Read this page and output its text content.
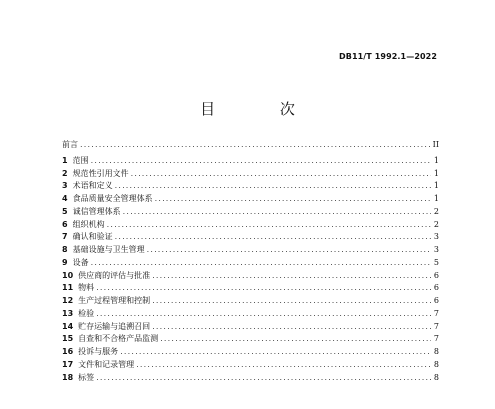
DB11/T 1992.1—2022
目 次
前言 .....	II
1 范围 .....	1
2 规范性引用文件 .....	1
3 术语和定义 .....	1
4 食品质量安全管理体系 .....	1
5 诚信管理体系 .....	2
6 组织机构 .....	2
7 确认和验证 .....	3
8 基础设施与卫生管理 .....	3
9 设备 .....	5
10 供应商的评估与批准 .....	6
11 物料 .....	6
12 生产过程管理和控制 .....	6
13 检验 .....	7
14 贮存运输与追溯召回 .....	7
15 自查和不合格产品监测 .....	7
16 投诉与服务 .....	8
17 文件和记录管理 .....	8
18 标签 .....	8
